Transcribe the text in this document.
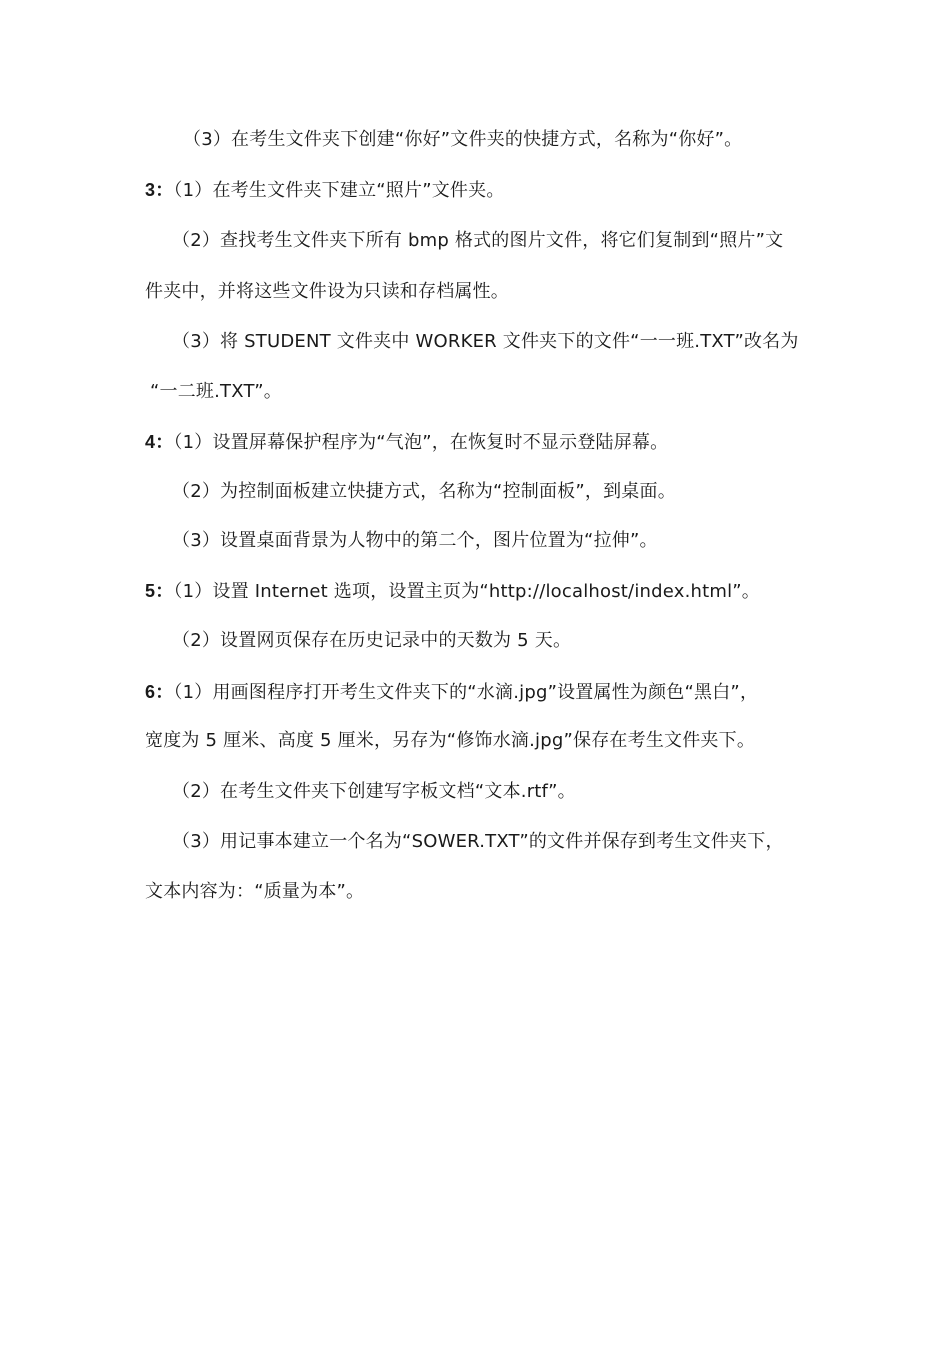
（3）在考生文件夹下创建“你好”文件夹的快捷方式，名称为“你好”。
3：（1）在考生文件夹下建立“照片”文件夹。
（2）查找考生文件夹下所有 bmp 格式的图片文件，将它们复制到“照片”文
件夹中，并将这些文件设为只读和存档属性。
（3）将 STUDENT 文件夹中 WORKER 文件夹下的文件“一一班.TXT”改名为
“一二班.TXT”。
4：（1）设置屏幕保护程序为“气泡”，在恢复时不显示登陆屏幕。
（2）为控制面板建立快捷方式，名称为“控制面板”，到桌面。
（3）设置桌面背景为人物中的第二个，图片位置为“拉伸”。
5：（1）设置 Internet 选项，设置主页为“http://localhost/index.html”。
（2）设置网页保存在历史记录中的天数为 5 天。
6：（1）用画图程序打开考生文件夹下的“水滴.jpg”设置属性为颜色“黑白”，
宽度为 5 厘米、高度 5 厘米，另存为“修饰水滴.jpg”保存在考生文件夹下。
（2）在考生文件夹下创建写字板文档“文本.rtf”。
（3）用记事本建立一个名为“SOWER.TXT”的文件并保存到考生文件夹下，
文本内容为：“质量为本”。
